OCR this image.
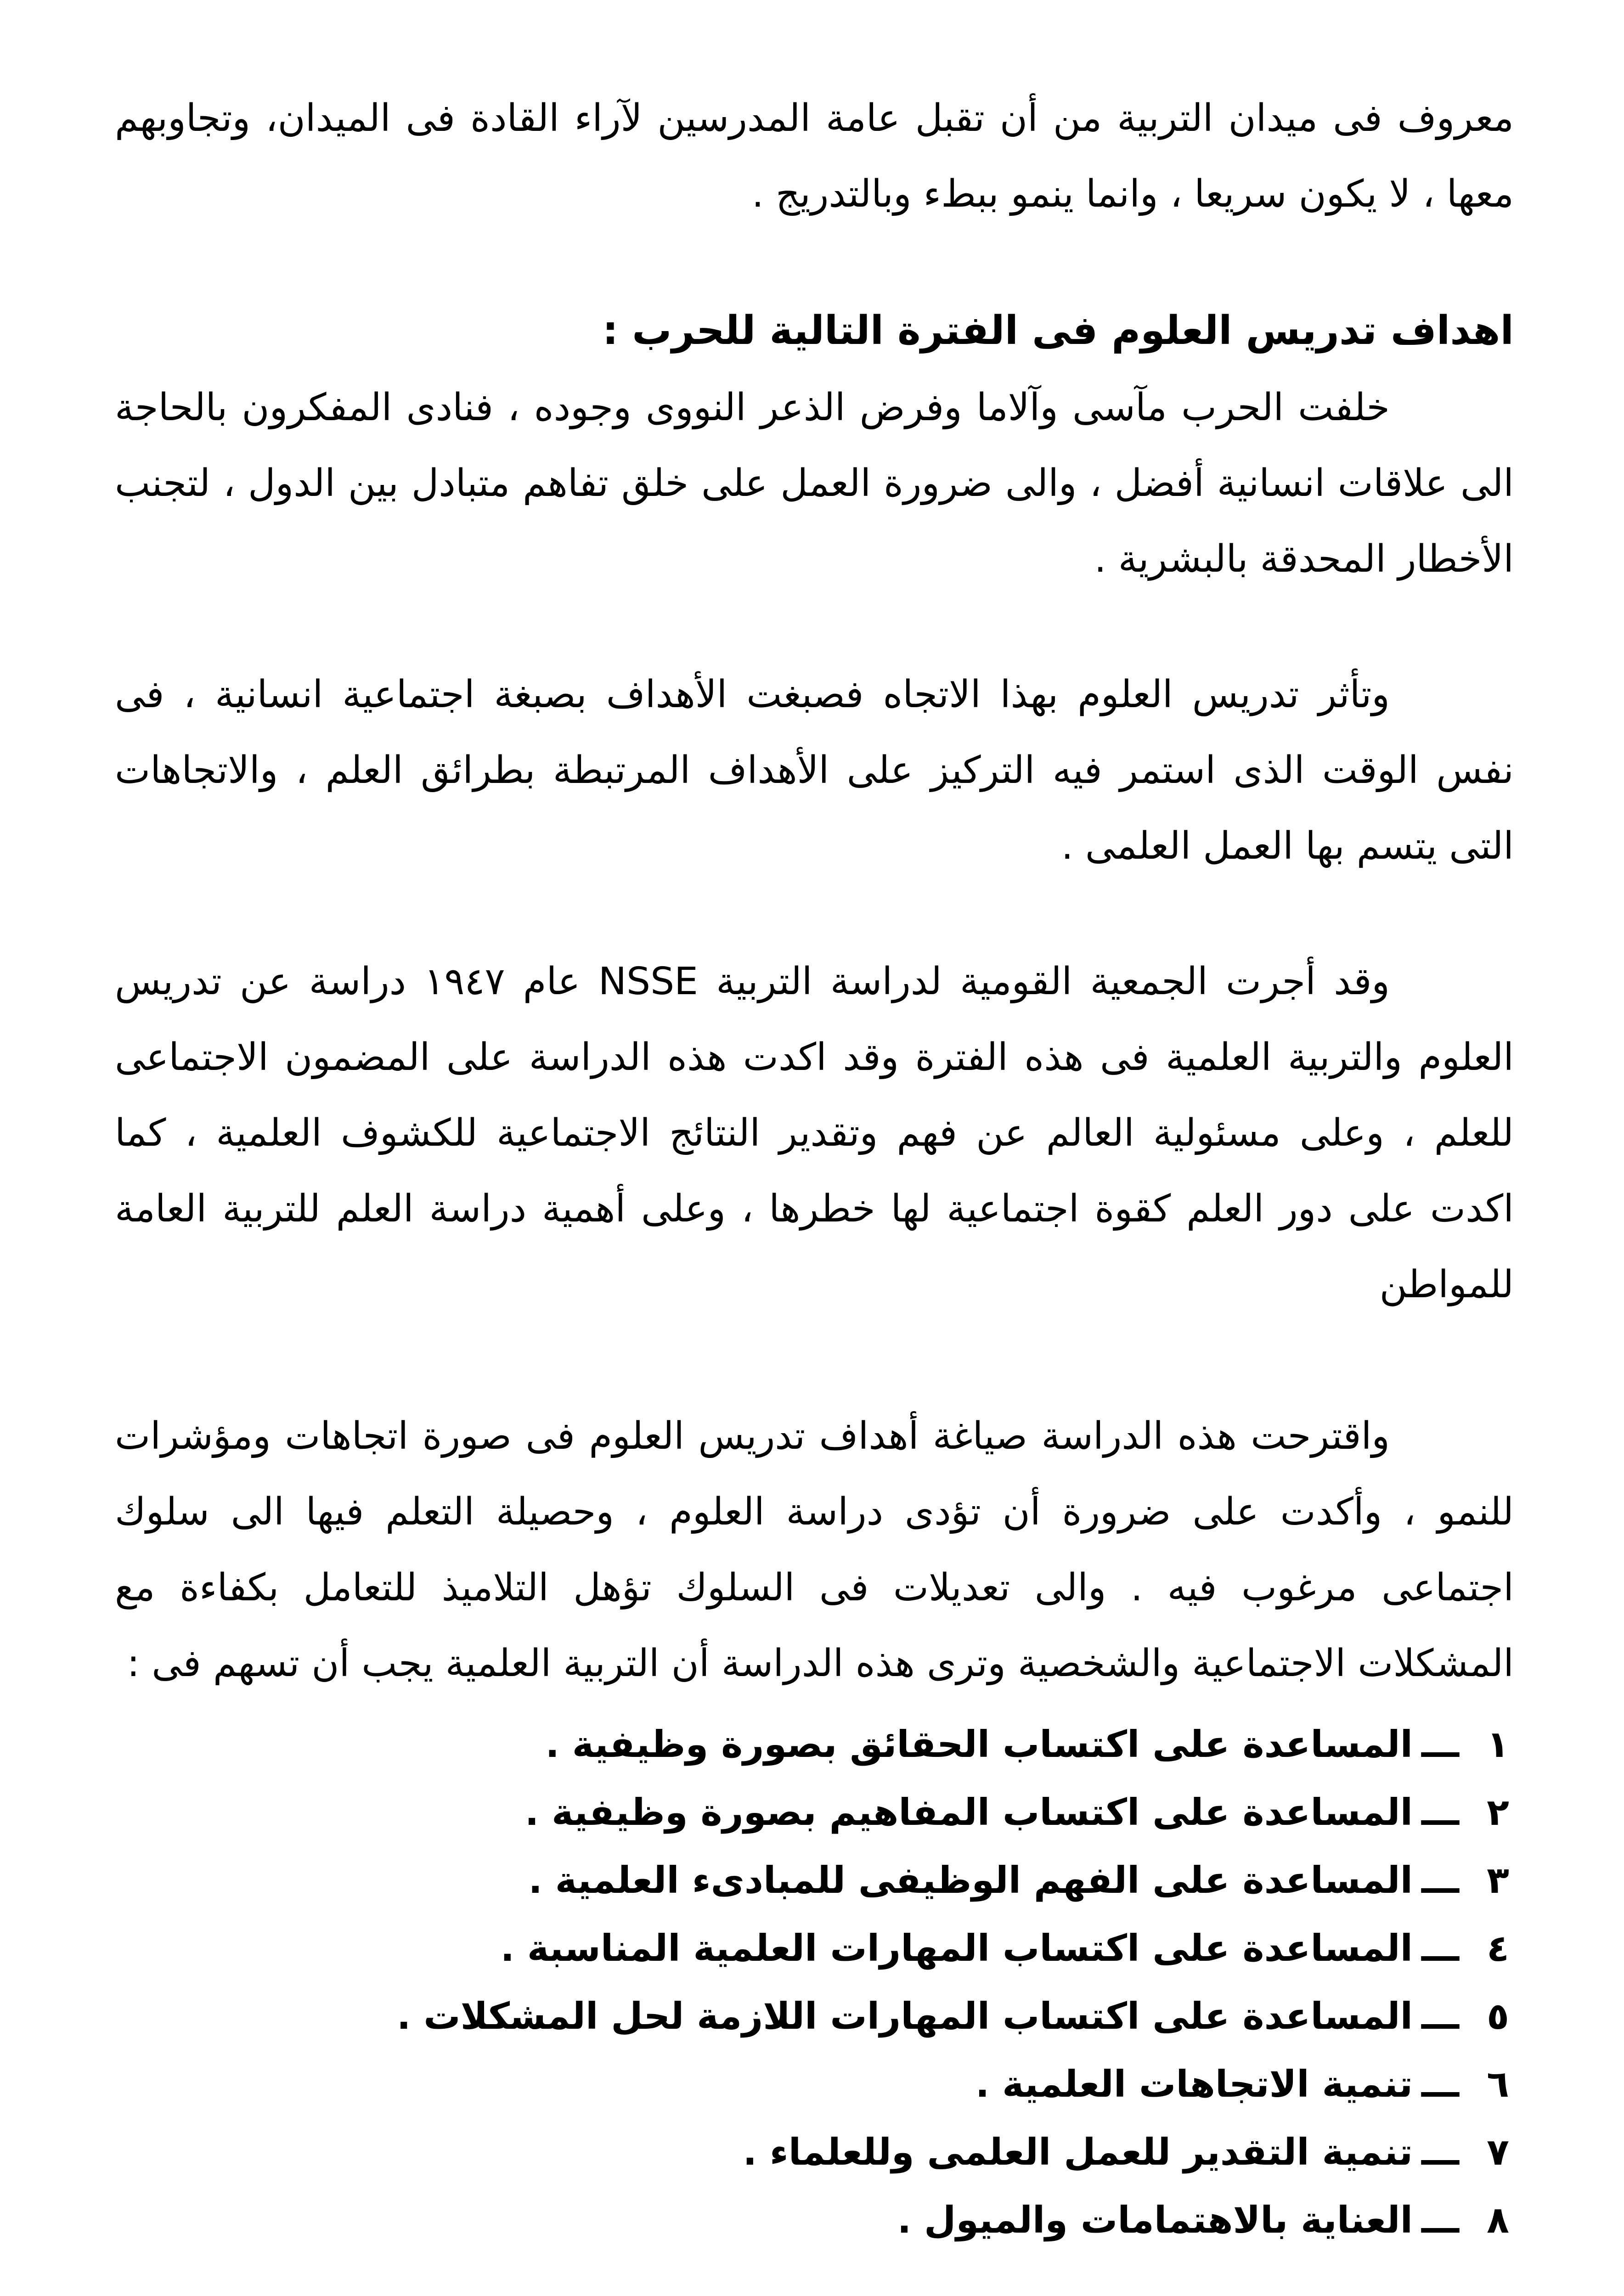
معروف فى ميدان التربية من أن تقبل عامة المدرسين لآراء القادة فى الميدان، وتجاوبهم معها ، لا يكون سريعا ، وانما ينمو ببطء وبالتدريج .

اهداف تدريس العلوم فى الفترة التالية للحرب :

خلفت الحرب مآسى وآلاما وفرض الذعر النووى وجوده ، فنادى المفكرون بالحاجة الى علاقات انسانية أفضل ، والى ضرورة العمل على خلق تفاهم متبادل بين الدول ، لتجنب الأخطار المحدقة بالبشرية .

وتأثر تدريس العلوم بهذا الاتجاه فصبغت الأهداف بصبغة اجتماعية انسانية ، فى نفس الوقت الذى استمر فيه التركيز على الأهداف المرتبطة بطرائق العلم ، والاتجاهات التى يتسم بها العمل العلمى .

وقد أجرت الجمعية القومية لدراسة التربية NSSE عام ١٩٤٧ دراسة عن تدريس العلوم والتربية العلمية فى هذه الفترة وقد اكدت هذه الدراسة على المضمون الاجتماعى للعلم ، وعلى مسئولية العالم عن فهم وتقدير النتائج الاجتماعية للكشوف العلمية ، كما اكدت على دور العلم كقوة اجتماعية لها خطرها ، وعلى أهمية دراسة العلم للتربية العامة للمواطن

واقترحت هذه الدراسة صياغة أهداف تدريس العلوم فى صورة اتجاهات ومؤشرات للنمو ، وأكدت على ضرورة أن تؤدى دراسة العلوم ، وحصيلة التعلم فيها الى سلوك اجتماعى مرغوب فيه . والى تعديلات فى السلوك تؤهل التلاميذ للتعامل بكفاءة مع المشكلات الاجتماعية والشخصية وترى هذه الدراسة أن التربية العلمية يجب أن تسهم فى :

١
ـــ
المساعدة على اكتساب الحقائق بصورة وظيفية .
٢
ـــ
المساعدة على اكتساب المفاهيم بصورة وظيفية .
٣
ـــ
المساعدة على الفهم الوظيفى للمبادىء العلمية .
٤
ـــ
المساعدة على اكتساب المهارات العلمية المناسبة .
٥
ـــ
المساعدة على اكتساب المهارات اللازمة لحل المشكلات .
٦
ـــ
تنمية الاتجاهات العلمية .
٧
ـــ
تنمية التقدير للعمل العلمى وللعلماء .
٨
ـــ
العناية بالاهتمامات والميول .
